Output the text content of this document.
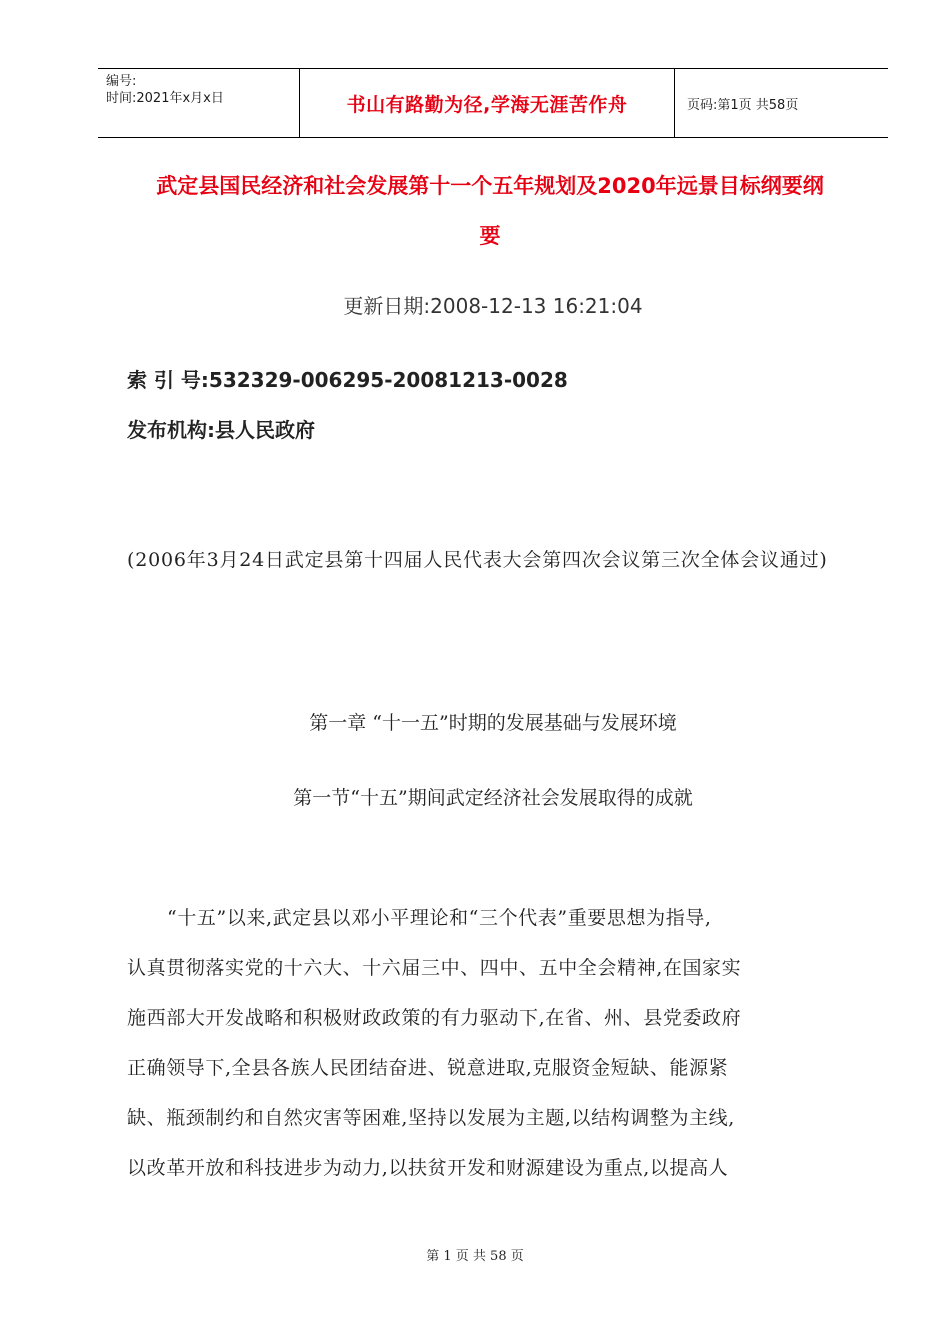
编号:
时间:2021年x月x日	书山有路勤为径,学海无涯苦作舟	页码:第1页 共58页
武定县国民经济和社会发展第十一个五年规划及2020年远景目标纲要纲
要
更新日期:2008-12-13 16:21:04
索 引 号:532329-006295-20081213-0028
发布机构:县人民政府
(2006年3月24日武定县第十四届人民代表大会第四次会议第三次全体会议通过)
第一章 “十一五”时期的发展基础与发展环境
第一节“十五”期间武定经济社会发展取得的成就
“十五”以来,武定县以邓小平理论和“三个代表”重要思想为指导,
认真贯彻落实党的十六大、十六届三中、四中、五中全会精神,在国家实
施西部大开发战略和积极财政政策的有力驱动下,在省、州、县党委政府
正确领导下,全县各族人民团结奋进、锐意进取,克服资金短缺、能源紧
缺、瓶颈制约和自然灾害等困难,坚持以发展为主题,以结构调整为主线,
以改革开放和科技进步为动力,以扶贫开发和财源建设为重点,以提高人
第 1 页 共 58 页
